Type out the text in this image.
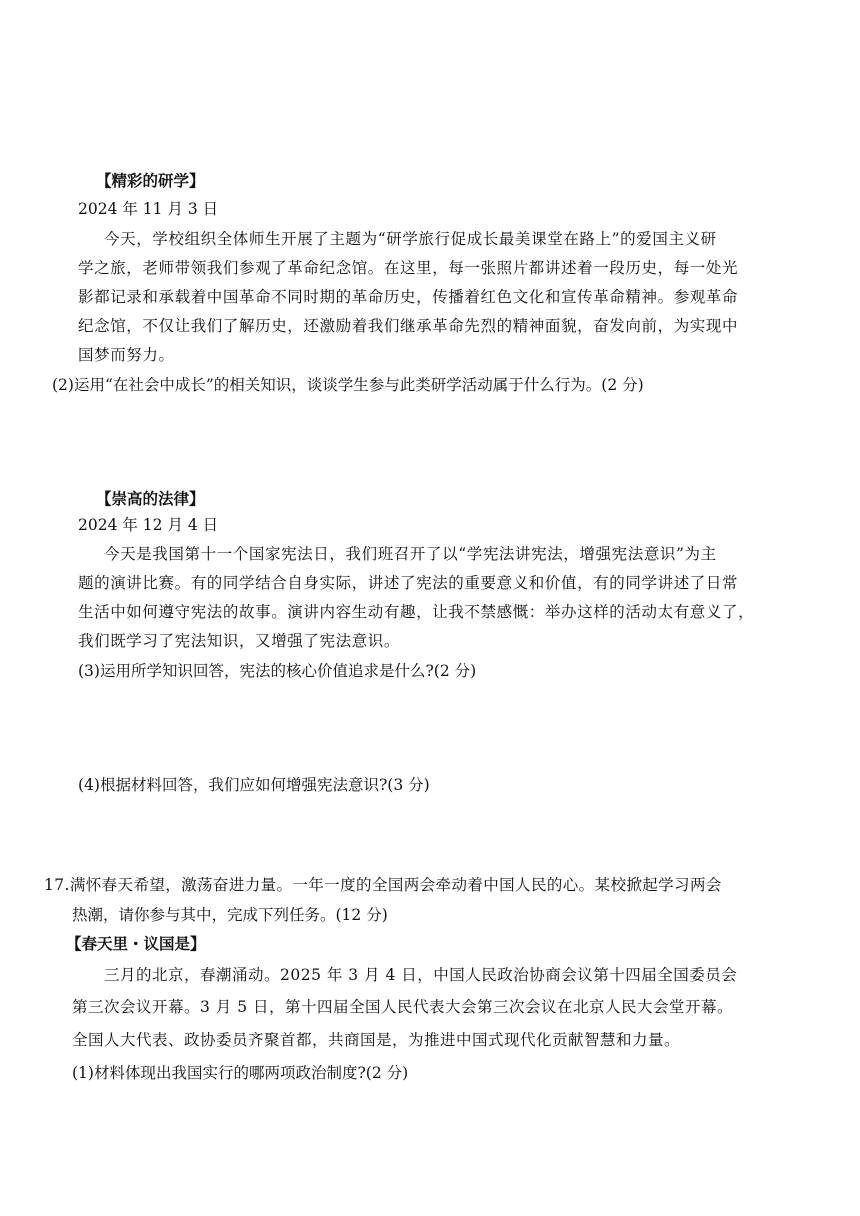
【精彩的研学】
2024 年 11 月 3 日
今天，学校组织全体师生开展了主题为“研学旅行促成长最美课堂在路上”的爱国主义研
学之旅，老师带领我们参观了革命纪念馆。在这里，每一张照片都讲述着一段历史，每一处光
影都记录和承载着中国革命不同时期的革命历史，传播着红色文化和宣传革命精神。参观革命
纪念馆，不仅让我们了解历史，还激励着我们继承革命先烈的精神面貌，奋发向前，为实现中
国梦而努力。
(2)运用“在社会中成长”的相关知识，谈谈学生参与此类研学活动属于什么行为。(2 分)
【崇高的法律】
2024 年 12 月 4 日
今天是我国第十一个国家宪法日，我们班召开了以“学宪法讲宪法，增强宪法意识”为主
题的演讲比赛。有的同学结合自身实际，讲述了宪法的重要意义和价值，有的同学讲述了日常
生活中如何遵守宪法的故事。演讲内容生动有趣，让我不禁感慨：举办这样的活动太有意义了，
我们既学习了宪法知识，又增强了宪法意识。
(3)运用所学知识回答，宪法的核心价值追求是什么?(2 分)
(4)根据材料回答，我们应如何增强宪法意识?(3 分)
17.满怀春天希望，激荡奋进力量。一年一度的全国两会牵动着中国人民的心。某校掀起学习两会
热潮，请你参与其中，完成下列任务。(12 分)
【春天里・议国是】
三月的北京，春潮涌动。2025 年 3 月 4 日，中国人民政治协商会议第十四届全国委员会
第三次会议开幕。3 月 5 日，第十四届全国人民代表大会第三次会议在北京人民大会堂开幕。
全国人大代表、政协委员齐聚首都，共商国是，为推进中国式现代化贡献智慧和力量。
(1)材料体现出我国实行的哪两项政治制度?(2 分)
